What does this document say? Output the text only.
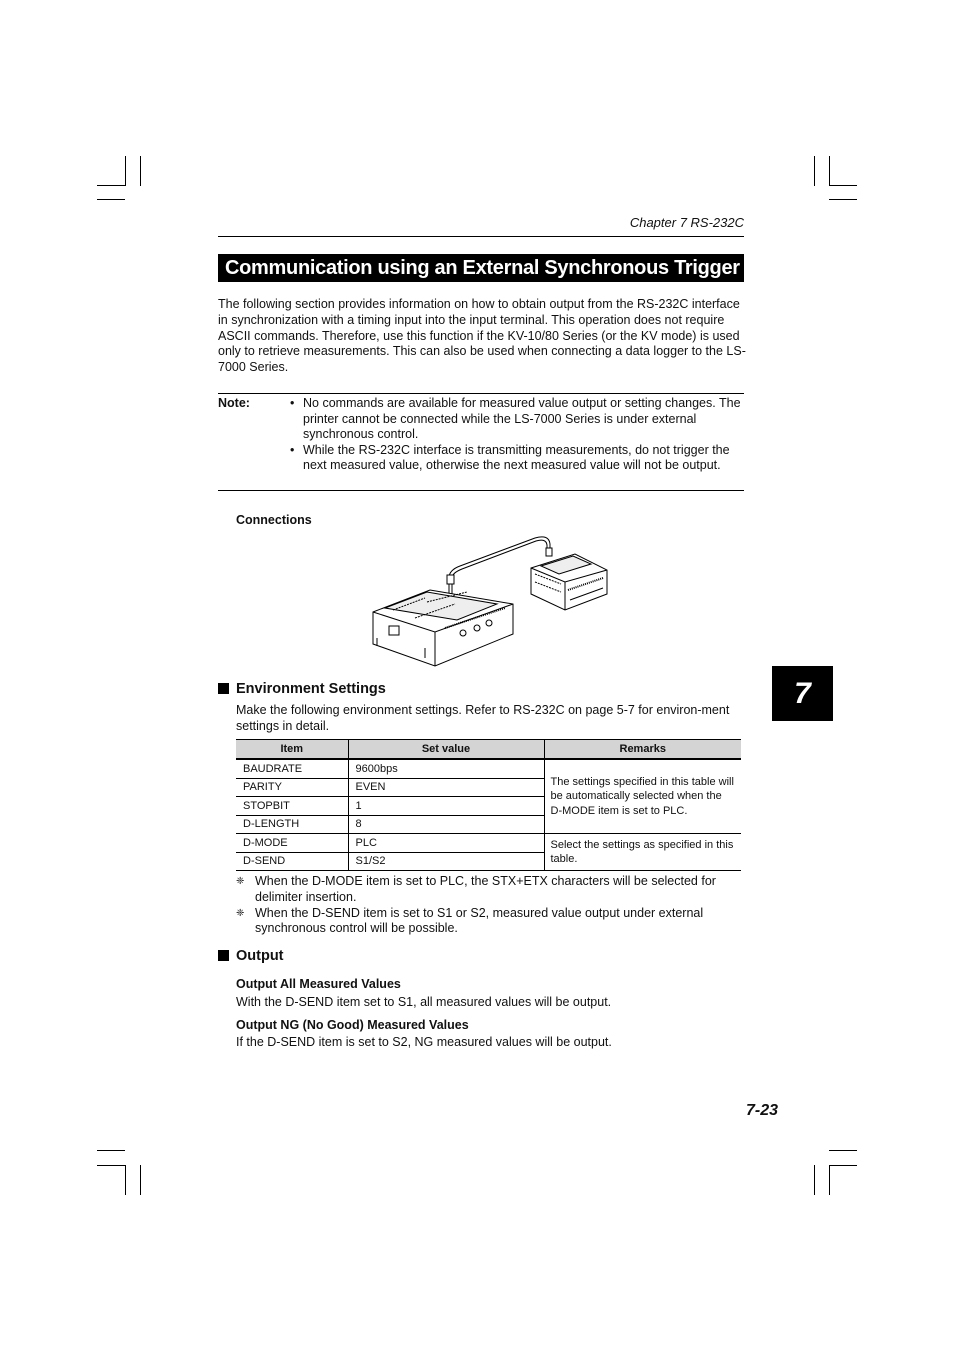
Chapter 7 RS-232C
Communication using an External Synchronous Trigger
The following section provides information on how to obtain output from the RS-232C interface in synchronization with a timing input into the input terminal. This operation does not require ASCII commands. Therefore, use this function if the KV-10/80 Series (or the KV mode) is used only to retrieve measurements. This can also be used when connecting a data logger to the LS-7000 Series.
Note:	• No commands are available for measured value output or setting changes. The printer cannot be connected while the LS-7000 Series is under external synchronous control.
• While the RS-232C interface is transmitting measurements, do not trigger the next measured value, otherwise the next measured value will not be output.
Connections
Environment Settings
Make the following environment settings. Refer to RS-232C on page 5-7 for environ-ment settings in detail.
Item	Set value	Remarks
BAUDRATE	9600bps	The settings specified in this table will be automatically selected when the D-MODE item is set to PLC.
PARITY	EVEN	
STOPBIT	1	
D-LENGTH	8	
D-MODE	PLC	Select the settings as specified in this table.
D-SEND	S1/S2	
❈ When the D-MODE item is set to PLC, the STX+ETX characters will be selected for delimiter insertion.
❈ When the D-SEND item is set to S1 or S2, measured value output under external synchronous control will be possible.
Output
Output All Measured Values
With the D-SEND item set to S1, all measured values will be output.
Output NG (No Good) Measured Values
If the D-SEND item is set to S2, NG measured values will be output.
7
7-23
